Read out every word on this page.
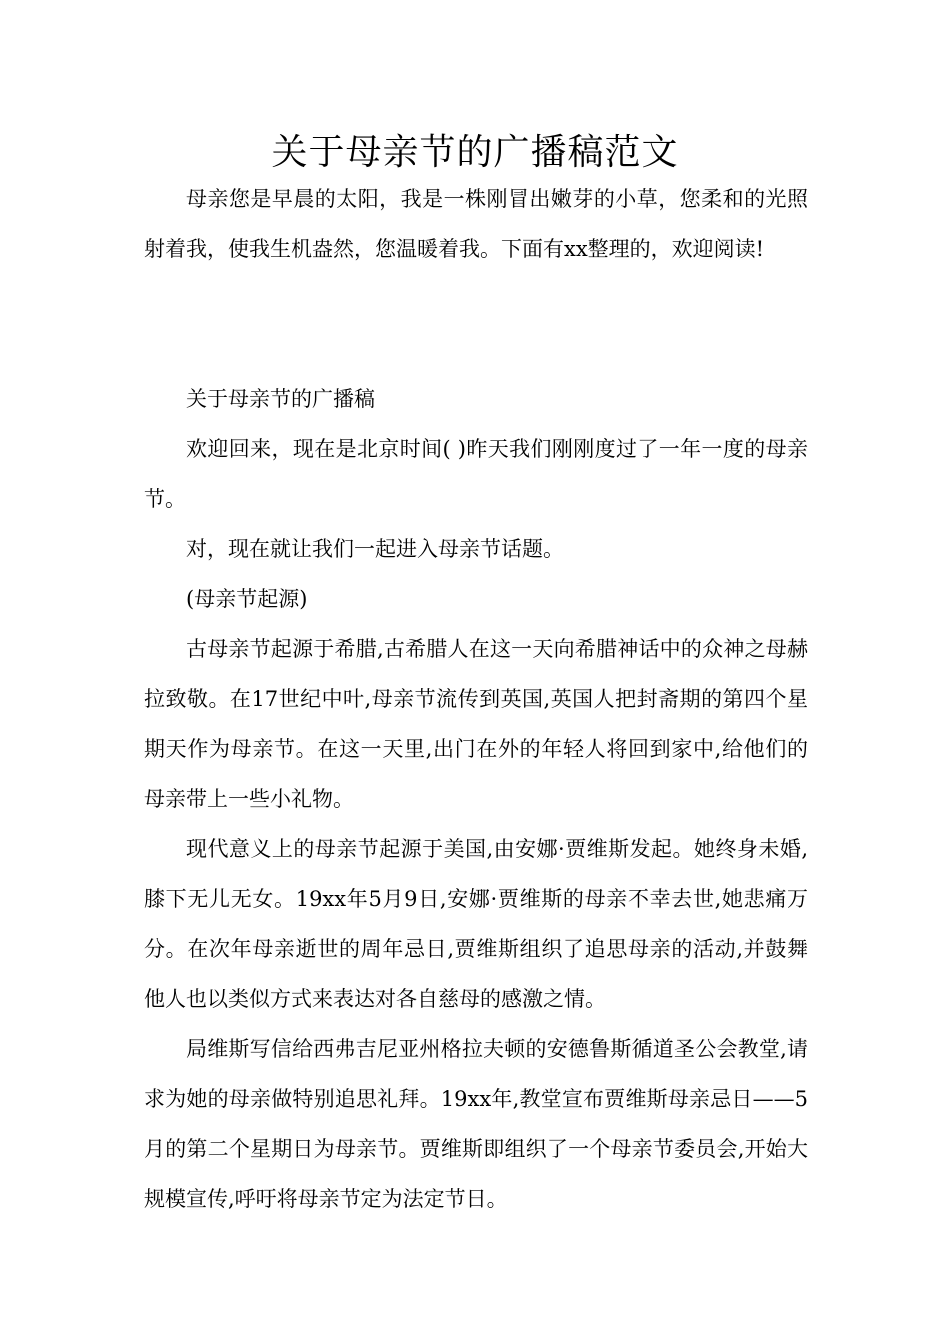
关于母亲节的广播稿范文

母亲您是早晨的太阳，我是一株刚冒出嫩芽的小草，您柔和的光照射着我，使我生机盎然，您温暖着我。下面有xx整理的，欢迎阅读!

关于母亲节的广播稿

欢迎回来，现在是北京时间( )昨天我们刚刚度过了一年一度的母亲节。

对，现在就让我们一起进入母亲节话题。

(母亲节起源)

古母亲节起源于希腊,古希腊人在这一天向希腊神话中的众神之母赫拉致敬。在17世纪中叶,母亲节流传到英国,英国人把封斋期的第四个星期天作为母亲节。在这一天里,出门在外的年轻人将回到家中,给他们的母亲带上一些小礼物。

现代意义上的母亲节起源于美国,由安娜·贾维斯发起。她终身未婚,膝下无儿无女。19xx年5月9日,安娜·贾维斯的母亲不幸去世,她悲痛万分。在次年母亲逝世的周年忌日,贾维斯组织了追思母亲的活动,并鼓舞他人也以类似方式来表达对各自慈母的感激之情。

局维斯写信给西弗吉尼亚州格拉夫顿的安德鲁斯循道圣公会教堂,请求为她的母亲做特别追思礼拜。19xx年,教堂宣布贾维斯母亲忌日——5月的第二个星期日为母亲节。贾维斯即组织了一个母亲节委员会,开始大规模宣传,呼吁将母亲节定为法定节日。
